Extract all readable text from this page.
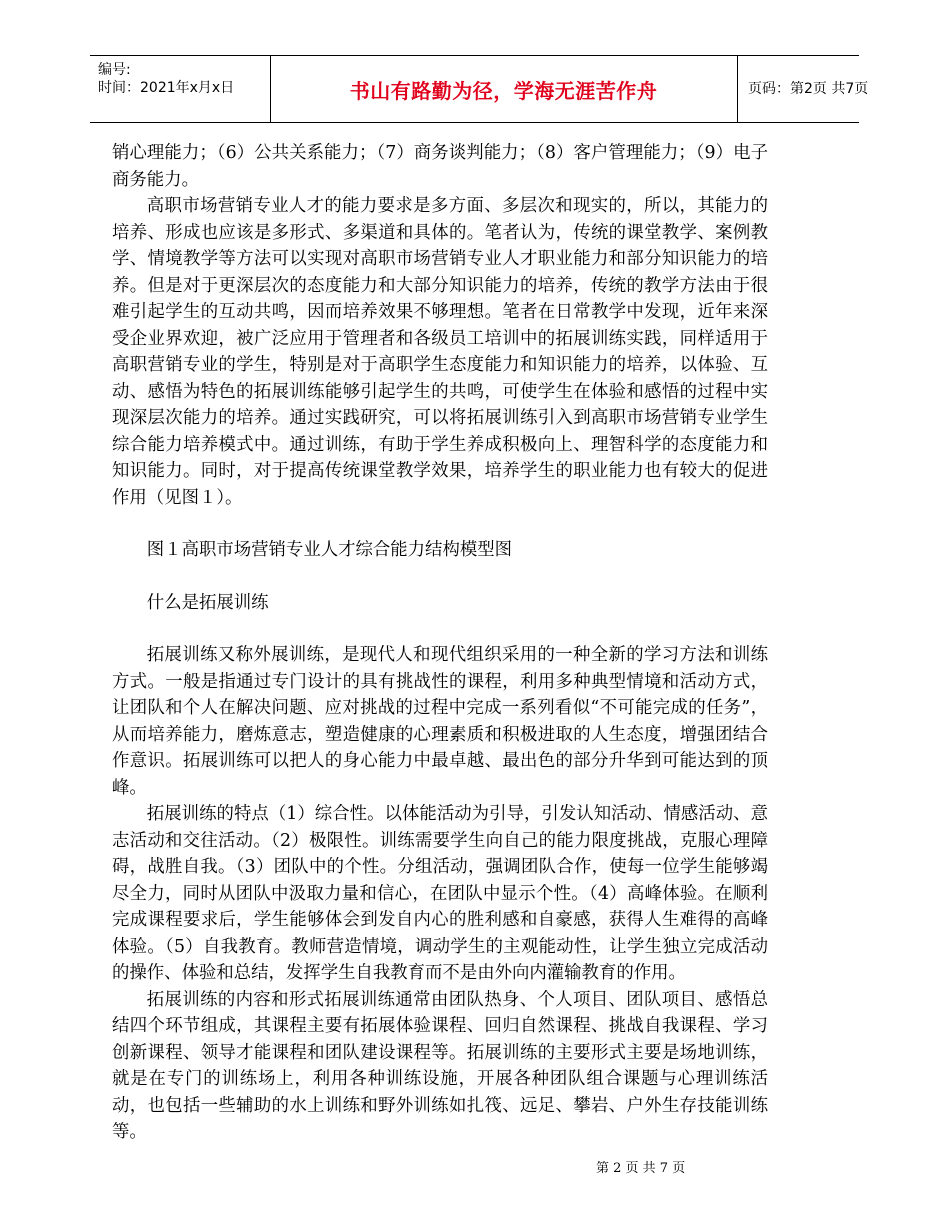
编号:
时间：2021年x月x日	书山有路勤为径，学海无涯苦作舟	页码：第2页 共7页

销心理能力；（6）公共关系能力；（7）商务谈判能力；（8）客户管理能力；（9）电子商务能力。

高职市场营销专业人才的能力要求是多方面、多层次和现实的，所以，其能力的培养、形成也应该是多形式、多渠道和具体的。笔者认为，传统的课堂教学、案例教学、情境教学等方法可以实现对高职市场营销专业人才职业能力和部分知识能力的培养。但是对于更深层次的态度能力和大部分知识能力的培养，传统的教学方法由于很难引起学生的互动共鸣，因而培养效果不够理想。笔者在日常教学中发现，近年来深受企业界欢迎，被广泛应用于管理者和各级员工培训中的拓展训练实践，同样适用于高职营销专业的学生，特别是对于高职学生态度能力和知识能力的培养，以体验、互动、感悟为特色的拓展训练能够引起学生的共鸣，可使学生在体验和感悟的过程中实现深层次能力的培养。通过实践研究，可以将拓展训练引入到高职市场营销专业学生综合能力培养模式中。通过训练，有助于学生养成积极向上、理智科学的态度能力和知识能力。同时，对于提高传统课堂教学效果，培养学生的职业能力也有较大的促进作用（见图１）。

图１高职市场营销专业人才综合能力结构模型图

什么是拓展训练

拓展训练又称外展训练，是现代人和现代组织采用的一种全新的学习方法和训练方式。一般是指通过专门设计的具有挑战性的课程，利用多种典型情境和活动方式，让团队和个人在解决问题、应对挑战的过程中完成一系列看似“不可能完成的任务”，从而培养能力，磨炼意志，塑造健康的心理素质和积极进取的人生态度，增强团结合作意识。拓展训练可以把人的身心能力中最卓越、最出色的部分升华到可能达到的顶峰。

拓展训练的特点（1）综合性。以体能活动为引导，引发认知活动、情感活动、意志活动和交往活动。（2）极限性。训练需要学生向自己的能力限度挑战，克服心理障碍，战胜自我。（3）团队中的个性。分组活动，强调团队合作，使每一位学生能够竭尽全力，同时从团队中汲取力量和信心，在团队中显示个性。（4）高峰体验。在顺利完成课程要求后，学生能够体会到发自内心的胜利感和自豪感，获得人生难得的高峰体验。（5）自我教育。教师营造情境，调动学生的主观能动性，让学生独立完成活动的操作、体验和总结，发挥学生自我教育而不是由外向内灌输教育的作用。

拓展训练的内容和形式拓展训练通常由团队热身、个人项目、团队项目、感悟总结四个环节组成，其课程主要有拓展体验课程、回归自然课程、挑战自我课程、学习创新课程、领导才能课程和团队建设课程等。拓展训练的主要形式主要是场地训练，就是在专门的训练场上，利用各种训练设施，开展各种团队组合课题与心理训练活动，也包括一些辅助的水上训练和野外训练如扎筏、远足、攀岩、户外生存技能训练等。

第 2 页 共 7 页
